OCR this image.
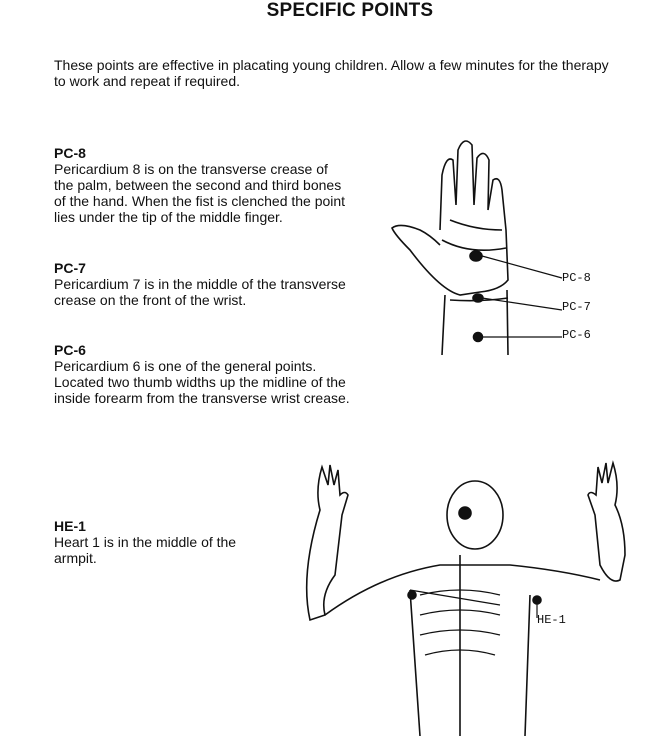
SPECIFIC POINTS
These points are effective in placating young children. Allow a few minutes for the therapy to work and repeat if required.
PC-8

Pericardium 8 is on the transverse crease of

the palm, between the second and third bones

of the hand. When the fist is clenched the point

lies under the tip of the middle finger.

PC-7

Pericardium 7 is in the middle of the transverse

crease on the front of the wrist.

PC-6

Pericardium 6 is one of the general points.

Located two thumb widths up the midline of the

inside forearm from the transverse wrist crease.

HE-1

Heart 1 is in the middle of the

armpit.

PC-8
PC-7
PC-6
HE-1
